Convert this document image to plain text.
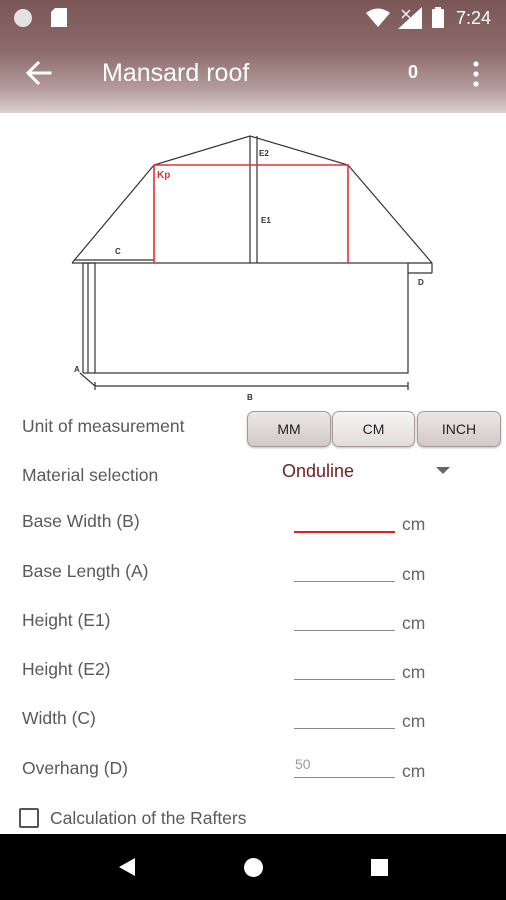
7:24
Mansard roof	0
Kp
E2
E1
C
D
A
B
Unit of measurement	MM	CM	INCH
Material selection	Onduline
Base Width (B)	cm
Base Length (A)	cm
Height (E1)	cm
Height (E2)	cm
Width (C)	cm
Overhang (D)	50	cm
Calculation of the Rafters
